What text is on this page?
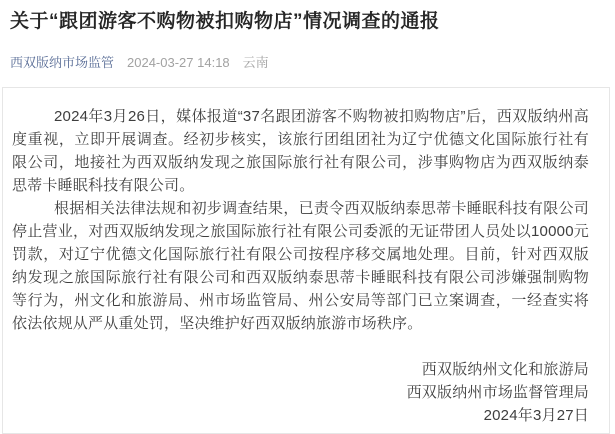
关于“跟团游客不购物被扣购物店”情况调查的通报
西双版纳市场监管 2024-03-27 14:18 云南

2024年3月26日，媒体报道“37名跟团游客不购物被扣购物店”后，西双版纳州高度重视，立即开展调查。经初步核实，该旅行团组团社为辽宁优德文化国际旅行社有限公司，地接社为西双版纳发现之旅国际旅行社有限公司，涉事购物店为西双版纳泰思蒂卡睡眠科技有限公司。

根据相关法律法规和初步调查结果，已责令西双版纳泰思蒂卡睡眠科技有限公司停止营业，对西双版纳发现之旅国际旅行社有限公司委派的无证带团人员处以10000元罚款，对辽宁优德文化国际旅行社有限公司按程序移交属地处理。目前，针对西双版纳发现之旅国际旅行社有限公司和西双版纳泰思蒂卡睡眠科技有限公司涉嫌强制购物等行为，州文化和旅游局、州市场监管局、州公安局等部门已立案调查，一经查实将依法依规从严从重处罚，坚决维护好西双版纳旅游市场秩序。

西双版纳州文化和旅游局
西双版纳州市场监督管理局
2024年3月27日
